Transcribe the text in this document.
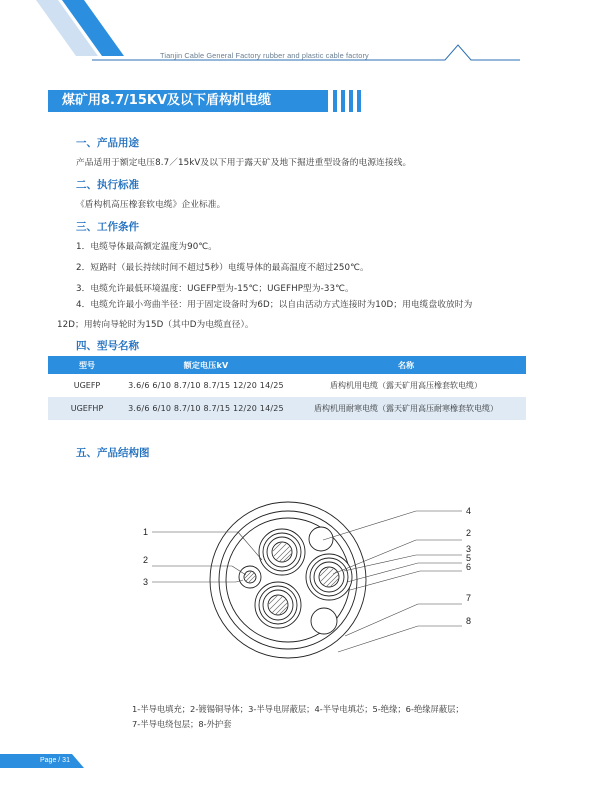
Tianjin Cable General Factory rubber and plastic cable factory
煤矿用8.7/15KV及以下盾构机电缆
一、产品用途
产品适用于额定电压8.7／15kV及以下用于露天矿及地下掘进重型设备的电源连接线。
二、执行标准
《盾构机高压橡套软电缆》企业标准。
三、工作条件
1．电缆导体最高额定温度为90℃。
2．短路时（最长持续时间不超过5秒）电缆导体的最高温度不超过250℃。
3．电缆允许最低环境温度：UGEFP型为-15℃；UGEFHP型为-33℃。
4．电缆允许最小弯曲半径：用于固定设备时为6D；以自由活动方式连接时为10D；用电缆盘收放时为
12D；用转向导轮时为15D（其中D为电缆直径）。
四、型号名称
型号	额定电压kV	名称
UGEFP	3.6/6 6/10 8.7/10 8.7/15 12/20 14/25	盾构机用电缆（露天矿用高压橡套软电缆）
UGEFHP	3.6/6 6/10 8.7/10 8.7/15 12/20 14/25	盾构机用耐寒电缆（露天矿用高压耐寒橡套软电缆）
五、产品结构图
1
2
3
4
2
3
5
6
7
8
1-半导电填充；2-镀锡铜导体；3-半导电屏蔽层；4-半导电填芯；5-绝缘；6-绝缘屏蔽层；
7-半导电绕包层；8-外护套
Page / 31
